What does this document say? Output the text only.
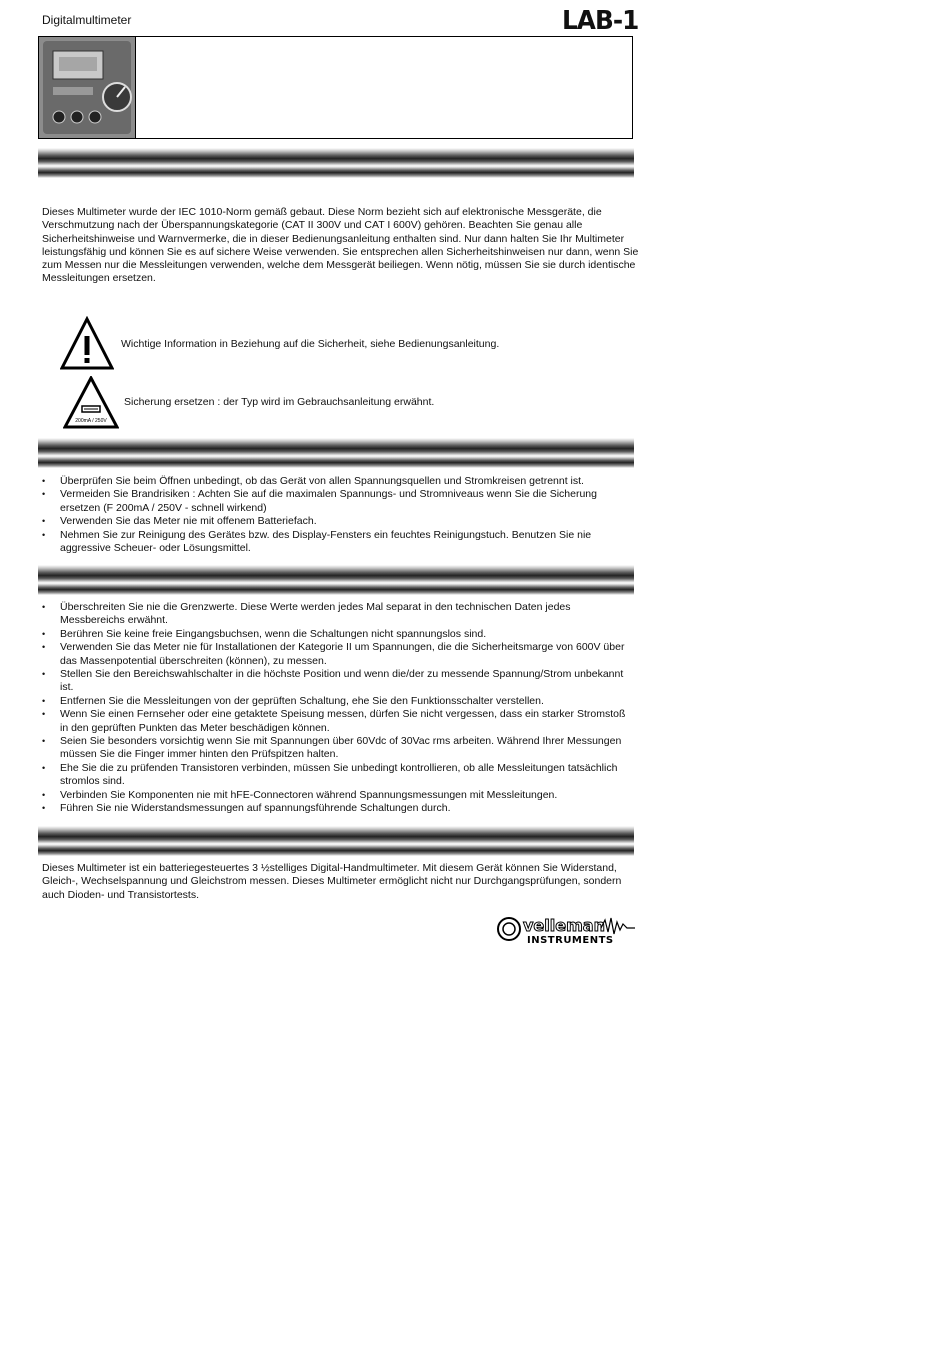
Digitalmultimeter	LAB-1

Dieses Multimeter wurde der IEC 1010-Norm gemäß gebaut. Diese Norm bezieht sich auf elektronische Messgeräte, die Verschmutzung nach der Überspannungskategorie (CAT II 300V und CAT I 600V) gehören. Beachten Sie genau alle Sicherheitshinweise und Warnvermerke, die in dieser Bedienungsanleitung enthalten sind. Nur dann halten Sie Ihr Multimeter leistungsfähig und können Sie es auf sichere Weise verwenden. Sie entsprechen allen Sicherheitshinweisen nur dann, wenn Sie zum Messen nur die Messleitungen verwenden, welche dem Messgerät beiliegen. Wenn nötig, müssen Sie sie durch identische Messleitungen ersetzen.

Wichtige Information in Beziehung auf die Sicherheit, siehe Bedienungsanleitung.
200mA / 250V
Sicherung ersetzen : der Typ wird im Gebrauchsanleitung erwähnt.
• Überprüfen Sie beim Öffnen unbedingt, ob das Gerät von allen Spannungsquellen und Stromkreisen getrennt ist.
• Vermeiden Sie Brandrisiken : Achten Sie auf die maximalen Spannungs- und Stromniveaus wenn Sie die Sicherung ersetzen (F 200mA / 250V - schnell wirkend)
• Verwenden Sie das Meter nie mit offenem Batteriefach.
• Nehmen Sie zur Reinigung des Gerätes bzw. des Display-Fensters ein feuchtes Reinigungstuch. Benutzen Sie nie aggressive Scheuer- oder Lösungsmittel.
• Überschreiten Sie nie die Grenzwerte. Diese Werte werden jedes Mal separat in den technischen Daten jedes Messbereichs erwähnt.
• Berühren Sie keine freie Eingangsbuchsen, wenn die Schaltungen nicht spannungslos sind.
• Verwenden Sie das Meter nie für Installationen der Kategorie II um Spannungen, die die Sicherheitsmarge von 600V über das Massenpotential überschreiten (können), zu messen.
• Stellen Sie den Bereichswahlschalter in die höchste Position und wenn die/der zu messende Spannung/Strom unbekannt ist.
• Entfernen Sie die Messleitungen von der geprüften Schaltung, ehe Sie den Funktionsschalter verstellen.
• Wenn Sie einen Fernseher oder eine getaktete Speisung messen, dürfen Sie nicht vergessen, dass ein starker Stromstoß in den geprüften Punkten das Meter beschädigen können.
• Seien Sie besonders vorsichtig wenn Sie mit Spannungen über 60Vdc of 30Vac rms arbeiten. Während Ihrer Messungen müssen Sie die Finger immer hinten den Prüfspitzen halten.
• Ehe Sie die zu prüfenden Transistoren verbinden, müssen Sie unbedingt kontrollieren, ob alle Messleitungen tatsächlich stromlos sind.
• Verbinden Sie Komponenten nie mit hFE-Connectoren während Spannungsmessungen mit Messleitungen.
• Führen Sie nie Widerstandsmessungen auf spannungsführende Schaltungen durch.

Dieses Multimeter ist ein batteriegesteuertes 3 ½stelliges Digital-Handmultimeter. Mit diesem Gerät können Sie Widerstand, Gleich-, Wechselspannung und Gleichstrom messen. Dieses Multimeter ermöglicht nicht nur Durchgangsprüfungen, sondern auch Dioden- und Transistortests.

velleman
INSTRUMENTS
